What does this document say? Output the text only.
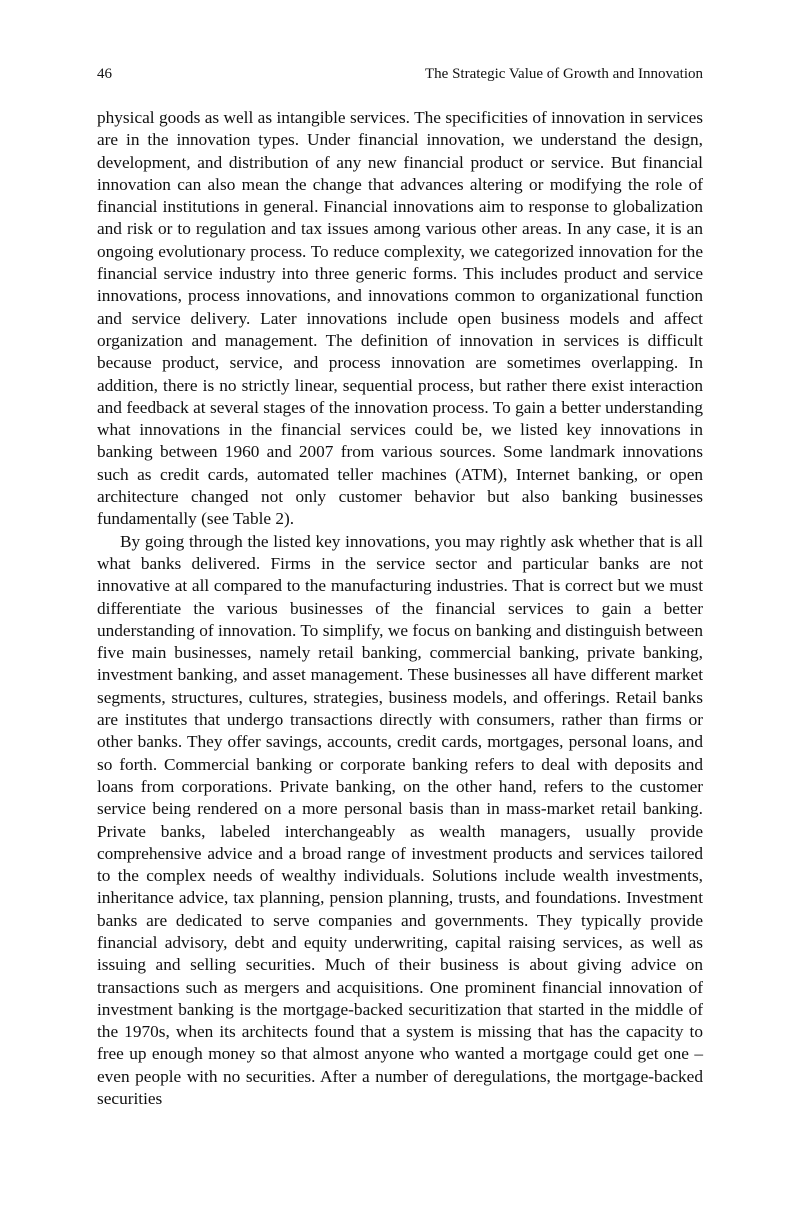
46	The Strategic Value of Growth and Innovation

physical goods as well as intangible services. The specificities of innovation in services are in the innovation types. Under financial innovation, we understand the design, development, and distribution of any new financial product or service. But financial innovation can also mean the change that advances altering or modifying the role of financial institutions in general. Financial innovations aim to response to globalization and risk or to regulation and tax issues among various other areas. In any case, it is an ongoing evolutionary process. To reduce complexity, we categorized innovation for the financial service industry into three generic forms. This includes product and service innovations, process innovations, and innovations common to organizational function and service delivery. Later innovations include open business models and affect organization and management. The definition of innovation in services is difficult because product, service, and process innovation are sometimes overlapping. In addition, there is no strictly linear, sequential process, but rather there exist interaction and feedback at several stages of the innovation process. To gain a better understanding what innovations in the financial services could be, we listed key innovations in banking between 1960 and 2007 from various sources. Some landmark innovations such as credit cards, automated teller machines (ATM), Internet banking, or open architecture changed not only customer behavior but also banking businesses fundamentally (see Table 2).

By going through the listed key innovations, you may rightly ask whether that is all what banks delivered. Firms in the service sector and particular banks are not innovative at all compared to the manufacturing industries. That is correct but we must differentiate the various businesses of the financial services to gain a better understanding of innovation. To simplify, we focus on banking and distinguish between five main businesses, namely retail banking, commercial banking, private banking, investment banking, and asset management. These businesses all have different market segments, structures, cultures, strategies, business models, and offerings. Retail banks are institutes that undergo transactions directly with consumers, rather than firms or other banks. They offer savings, accounts, credit cards, mortgages, personal loans, and so forth. Commercial banking or corporate banking refers to deal with deposits and loans from corporations. Private banking, on the other hand, refers to the customer service being rendered on a more personal basis than in mass-market retail banking. Private banks, labeled interchangeably as wealth managers, usually provide comprehensive advice and a broad range of investment products and services tailored to the complex needs of wealthy individuals. Solutions include wealth investments, inheritance advice, tax planning, pension planning, trusts, and foundations. Investment banks are dedicated to serve companies and governments. They typically provide financial advisory, debt and equity underwriting, capital raising services, as well as issuing and selling securities. Much of their business is about giving advice on transactions such as mergers and acquisitions. One prominent financial innovation of investment banking is the mortgage-backed securitization that started in the middle of the 1970s, when its architects found that a system is missing that has the capacity to free up enough money so that almost anyone who wanted a mortgage could get one – even people with no securities. After a number of deregulations, the mortgage-backed securities
